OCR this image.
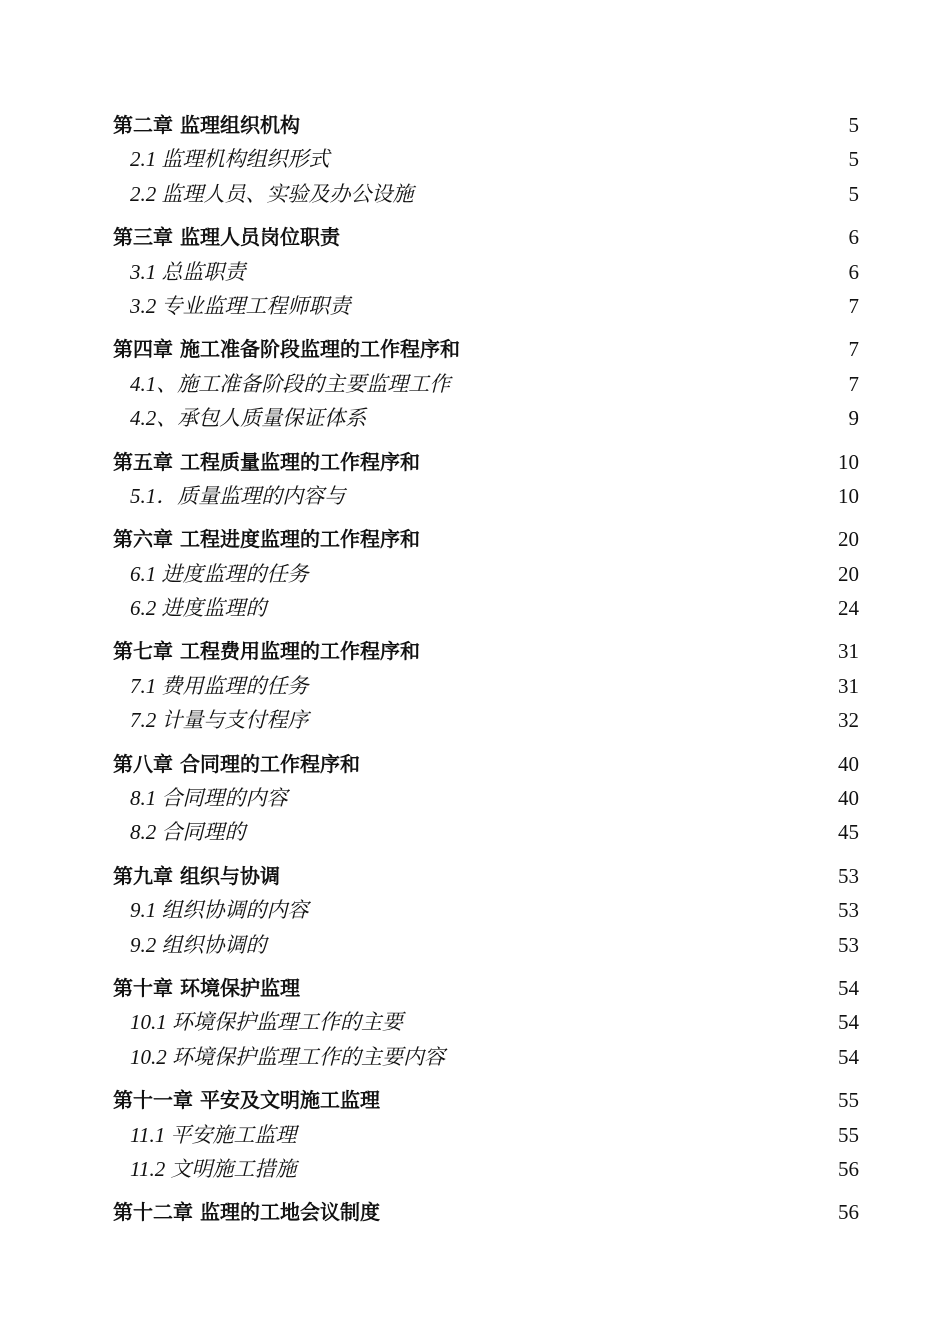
第二章 监理组织机构	5
2.1 监理机构组织形式	5
2.2 监理人员、实验及办公设施	5
第三章 监理人员岗位职责	6
3.1 总监职责	6
3.2 专业监理工程师职责	7
第四章 施工准备阶段监理的工作程序和	7
4.1、施工准备阶段的主要监理工作	7
4.2、承包人质量保证体系	9
第五章 工程质量监理的工作程序和	10
5.1．质量监理的内容与	10
第六章 工程进度监理的工作程序和	20
6.1 进度监理的任务	20
6.2 进度监理的	24
第七章 工程费用监理的工作程序和	31
7.1 费用监理的任务	31
7.2 计量与支付程序	32
第八章 合同理的工作程序和	40
8.1 合同理的内容	40
8.2 合同理的	45
第九章 组织与协调	53
9.1 组织协调的内容	53
9.2 组织协调的	53
第十章 环境保护监理	54
10.1 环境保护监理工作的主要	54
10.2 环境保护监理工作的主要内容	54
第十一章 平安及文明施工监理	55
11.1 平安施工监理	55
11.2 文明施工措施	56
第十二章 监理的工地会议制度	56
